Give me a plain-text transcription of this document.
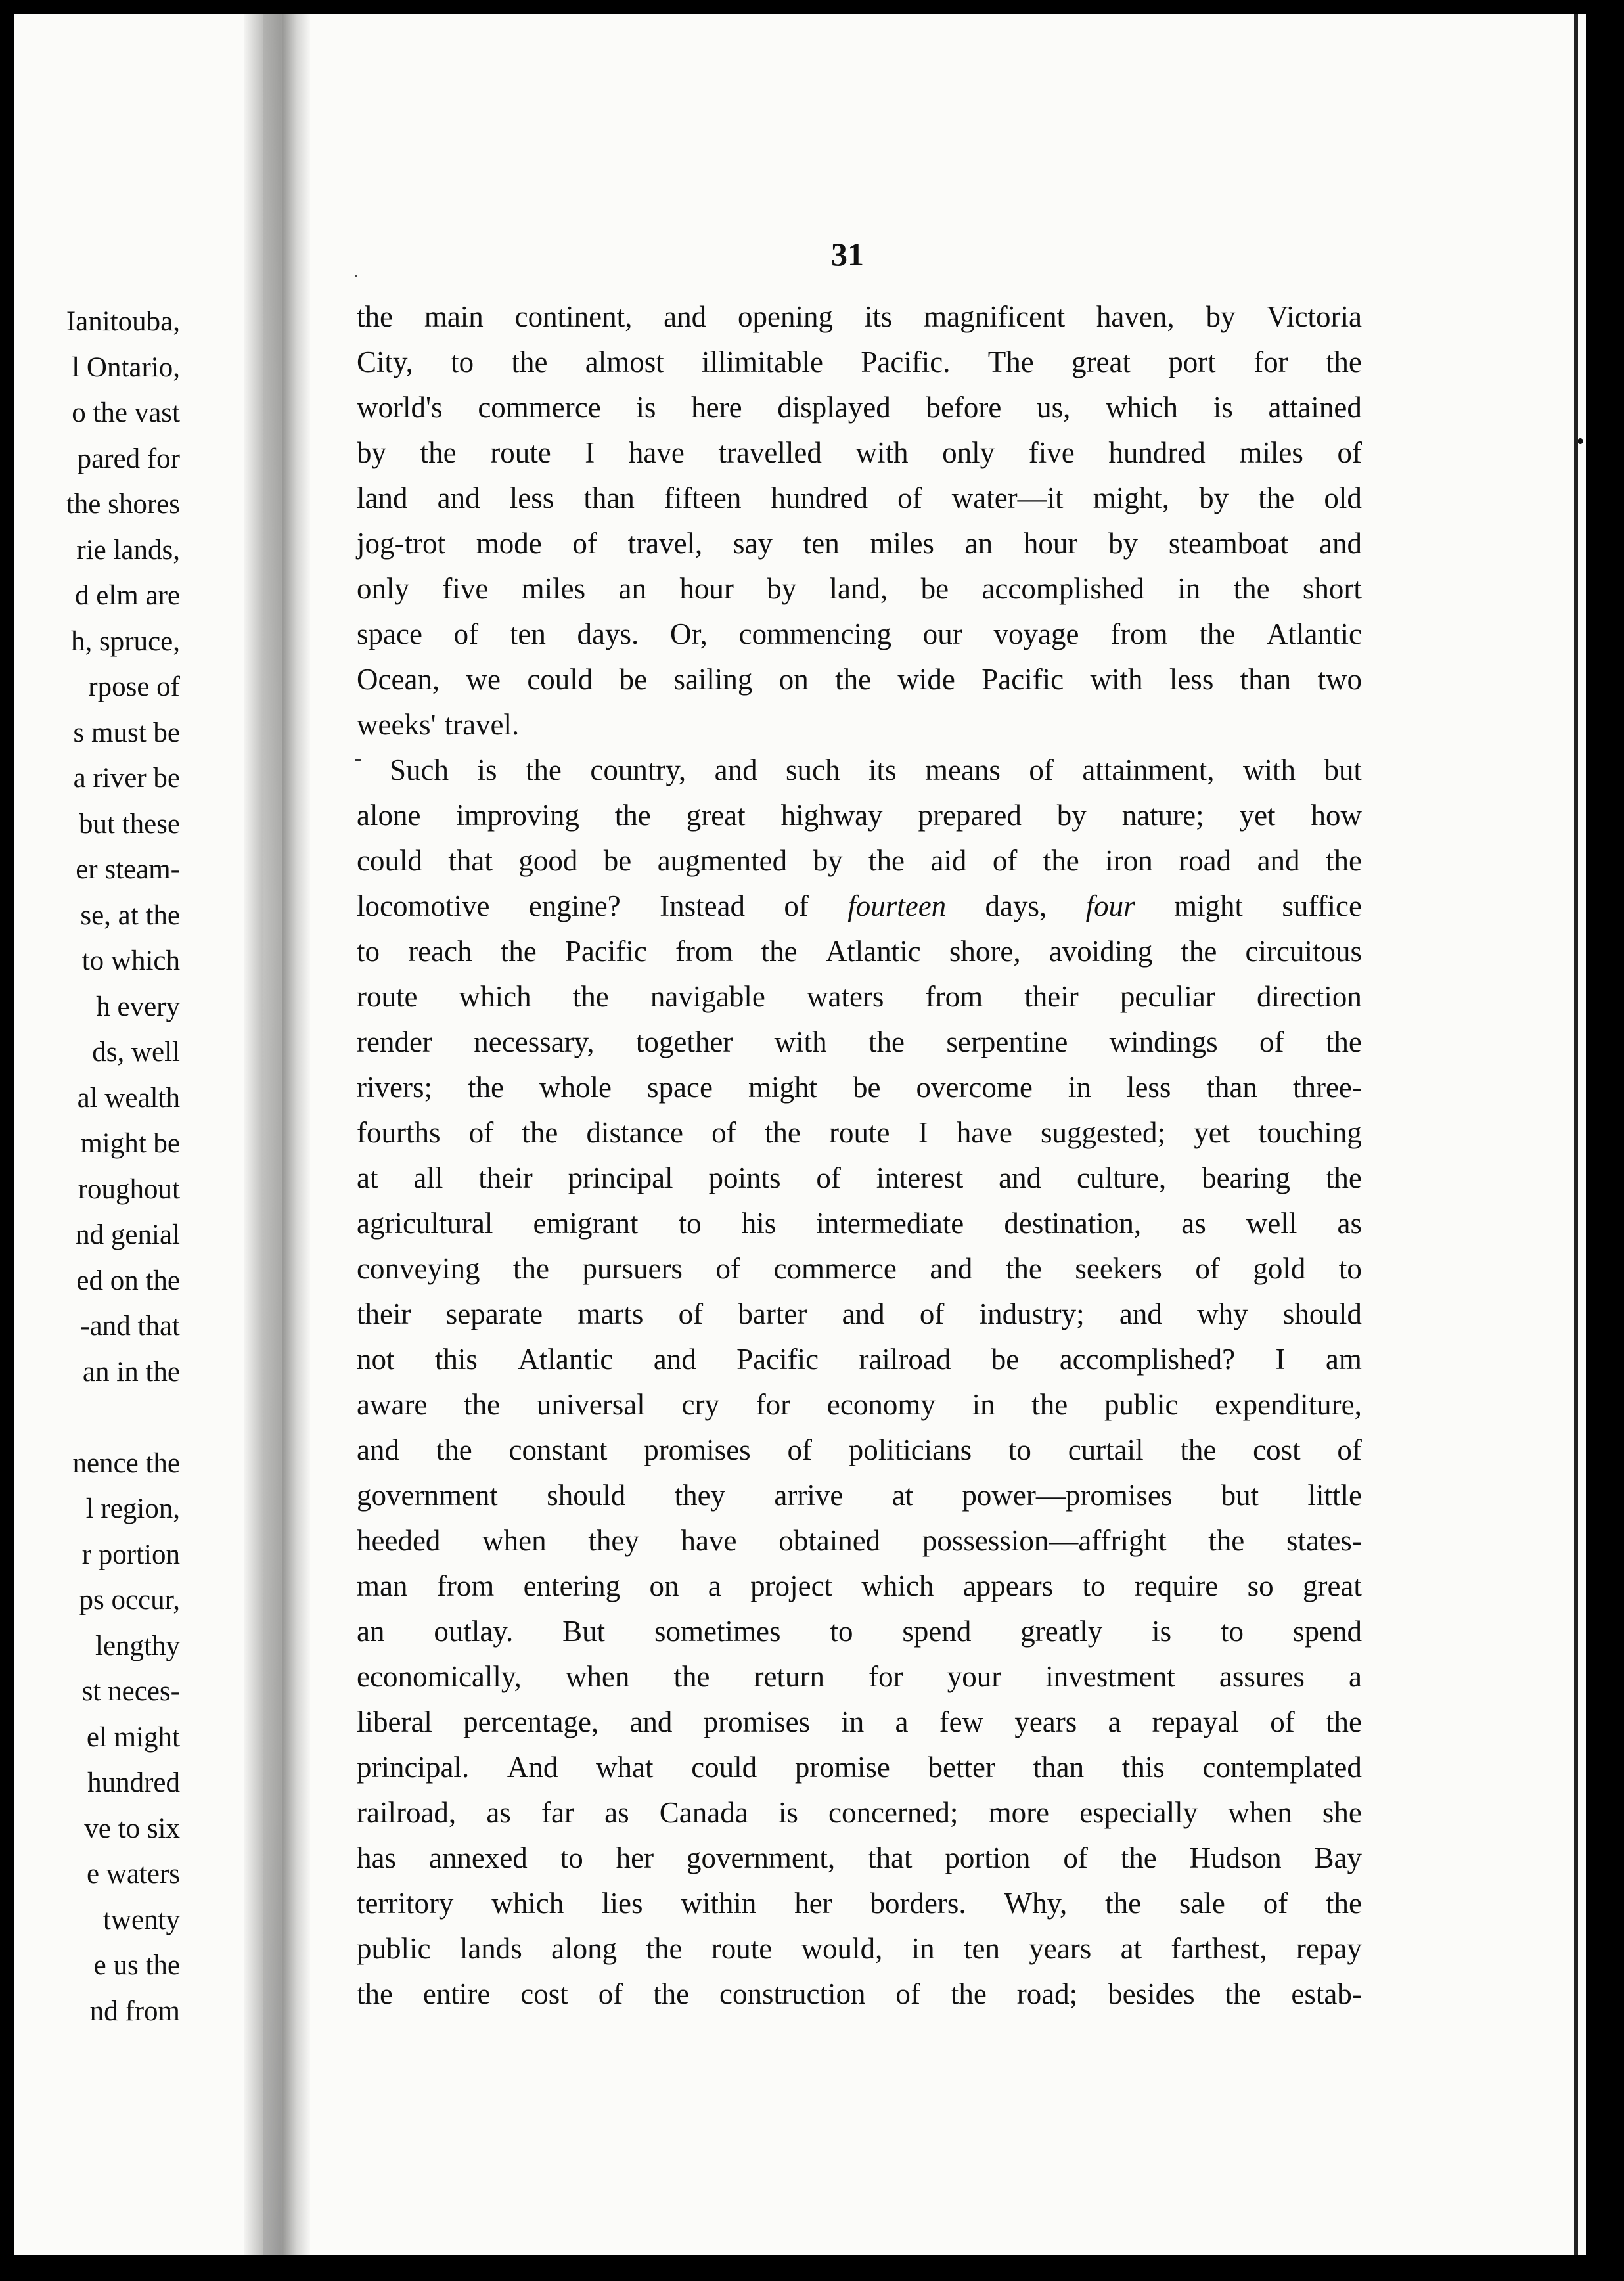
Ianitouba,
l Ontario,
o the vast
pared for
the shores
rie lands,
d elm are
h, spruce,
rpose of
s must be
a river be
but these
er steam-
se, at the
to which
h every
ds, well
al wealth
might be
roughout
nd genial
ed on the
-and that
an in the
nence the
l region,
r portion
ps occur,
lengthy
st neces-
el might
hundred
ve to six
e waters
twenty
e us the
nd from
31
the main continent, and opening its magnificent haven, by Victoria
City, to the almost illimitable Pacific. The great port for the
world's commerce is here displayed before us, which is attained
by the route I have travelled with only five hundred miles of
land and less than fifteen hundred of water—it might, by the old
jog-trot mode of travel, say ten miles an hour by steamboat and
only five miles an hour by land, be accomplished in the short
space of ten days. Or, commencing our voyage from the Atlantic
Ocean, we could be sailing on the wide Pacific with less than two
weeks' travel.
Such is the country, and such its means of attainment, with but
alone improving the great highway prepared by nature; yet how
could that good be augmented by the aid of the iron road and the
locomotive engine? Instead of fourteen days, four might suffice
to reach the Pacific from the Atlantic shore, avoiding the circuitous
route which the navigable waters from their peculiar direction
render necessary, together with the serpentine windings of the
rivers; the whole space might be overcome in less than three-
fourths of the distance of the route I have suggested; yet touching
at all their principal points of interest and culture, bearing the
agricultural emigrant to his intermediate destination, as well as
conveying the pursuers of commerce and the seekers of gold to
their separate marts of barter and of industry; and why should
not this Atlantic and Pacific railroad be accomplished? I am
aware the universal cry for economy in the public expenditure,
and the constant promises of politicians to curtail the cost of
government should they arrive at power—promises but little
heeded when they have obtained possession—affright the states-
man from entering on a project which appears to require so great
an outlay. But sometimes to spend greatly is to spend
economically, when the return for your investment assures a
liberal percentage, and promises in a few years a repayal of the
principal. And what could promise better than this contemplated
railroad, as far as Canada is concerned; more especially when she
has annexed to her government, that portion of the Hudson Bay
territory which lies within her borders. Why, the sale of the
public lands along the route would, in ten years at farthest, repay
the entire cost of the construction of the road; besides the estab-
